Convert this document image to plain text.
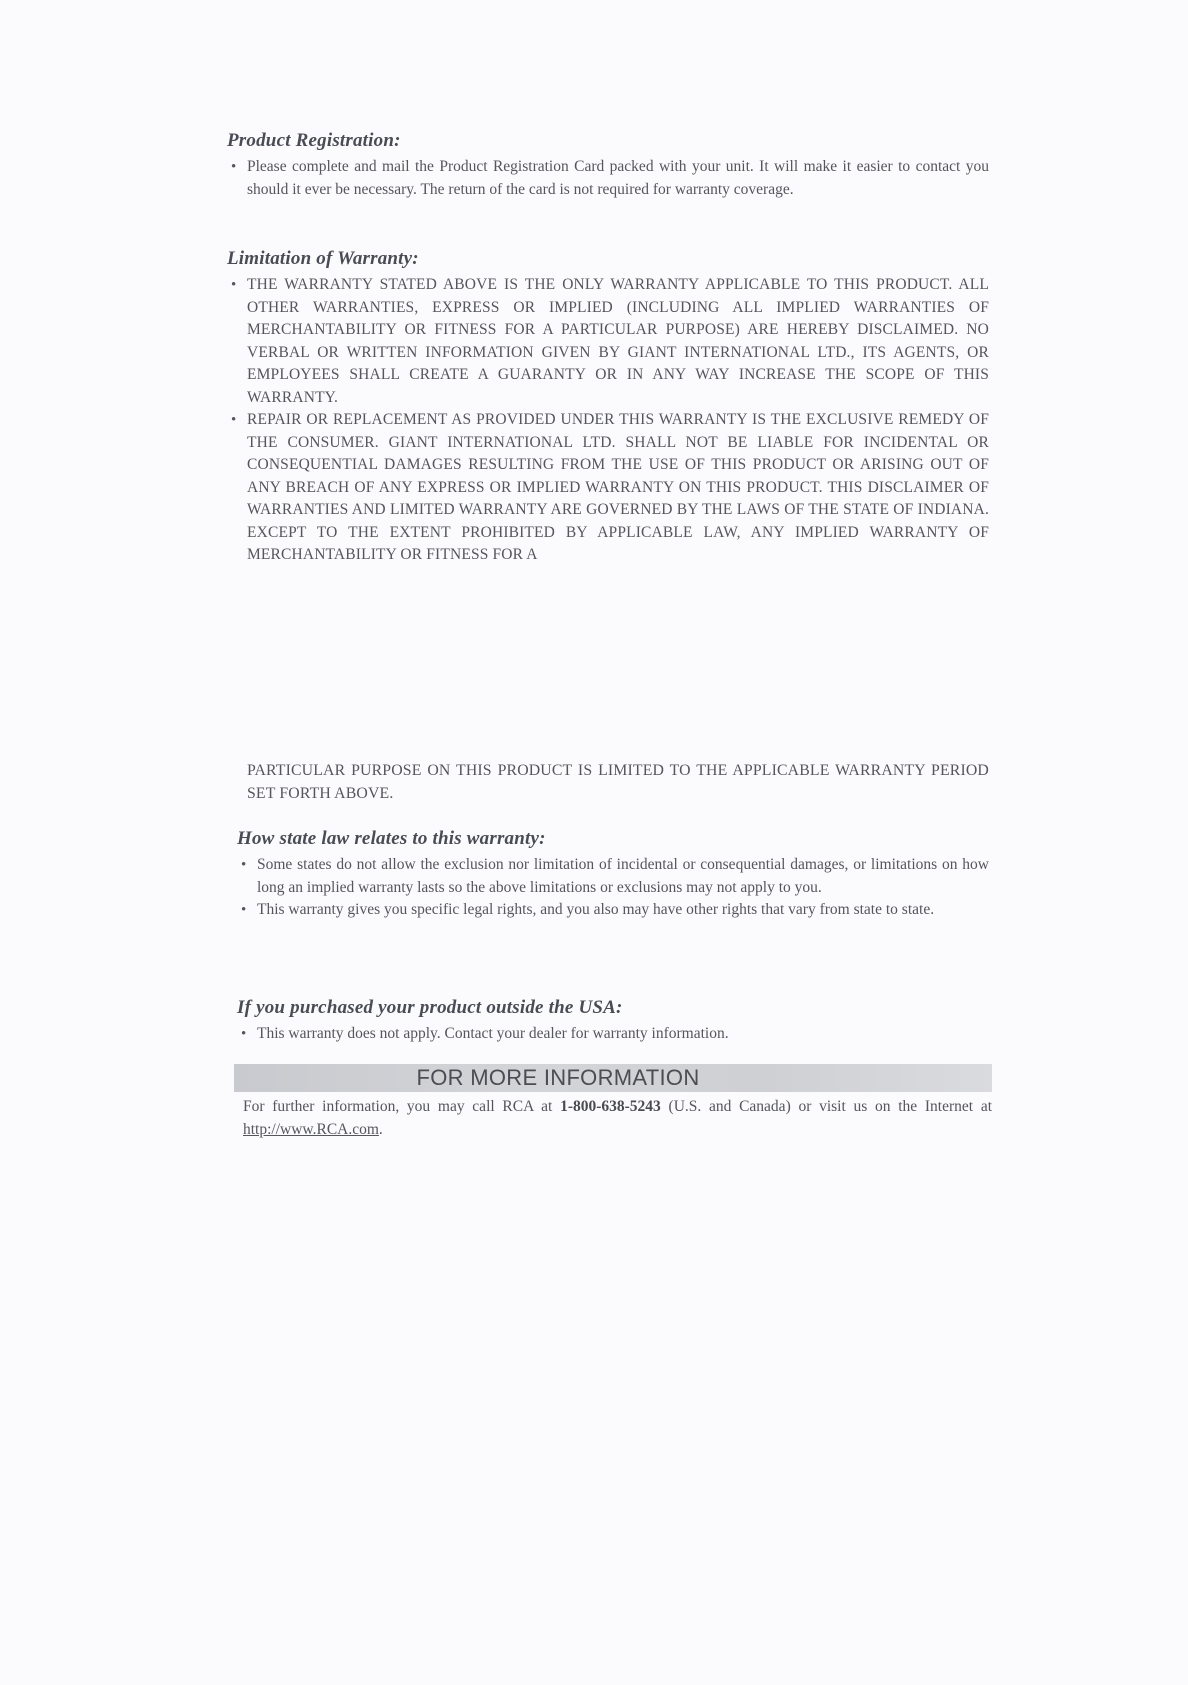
Product Registration:
• Please complete and mail the Product Registration Card packed with your unit. It will make it easier to contact you should it ever be necessary. The return of the card is not required for warranty coverage.
Limitation of Warranty:
• THE WARRANTY STATED ABOVE IS THE ONLY WARRANTY APPLICABLE TO THIS PRODUCT. ALL OTHER WARRANTIES, EXPRESS OR IMPLIED (INCLUDING ALL IMPLIED WARRANTIES OF MERCHANTABILITY OR FITNESS FOR A PARTICULAR PURPOSE) ARE HEREBY DISCLAIMED. NO VERBAL OR WRITTEN INFORMATION GIVEN BY GIANT INTERNATIONAL LTD., ITS AGENTS, OR EMPLOYEES SHALL CREATE A GUARANTY OR IN ANY WAY INCREASE THE SCOPE OF THIS WARRANTY.
• REPAIR OR REPLACEMENT AS PROVIDED UNDER THIS WARRANTY IS THE EXCLUSIVE REMEDY OF THE CONSUMER. GIANT INTERNATIONAL LTD. SHALL NOT BE LIABLE FOR INCIDENTAL OR CONSEQUENTIAL DAMAGES RESULTING FROM THE USE OF THIS PRODUCT OR ARISING OUT OF ANY BREACH OF ANY EXPRESS OR IMPLIED WARRANTY ON THIS PRODUCT. THIS DISCLAIMER OF WARRANTIES AND LIMITED WARRANTY ARE GOVERNED BY THE LAWS OF THE STATE OF INDIANA. EXCEPT TO THE EXTENT PROHIBITED BY APPLICABLE LAW, ANY IMPLIED WARRANTY OF MERCHANTABILITY OR FITNESS FOR A
PARTICULAR PURPOSE ON THIS PRODUCT IS LIMITED TO THE APPLICABLE WARRANTY PERIOD SET FORTH ABOVE.
How state law relates to this warranty:
• Some states do not allow the exclusion nor limitation of incidental or consequential damages, or limitations on how long an implied warranty lasts so the above limitations or exclusions may not apply to you.
• This warranty gives you specific legal rights, and you also may have other rights that vary from state to state.
If you purchased your product outside the USA:
• This warranty does not apply. Contact your dealer for warranty information.
FOR MORE INFORMATION
For further information, you may call RCA at 1-800-638-5243 (U.S. and Canada) or visit us on the Internet at http://www.RCA.com.
